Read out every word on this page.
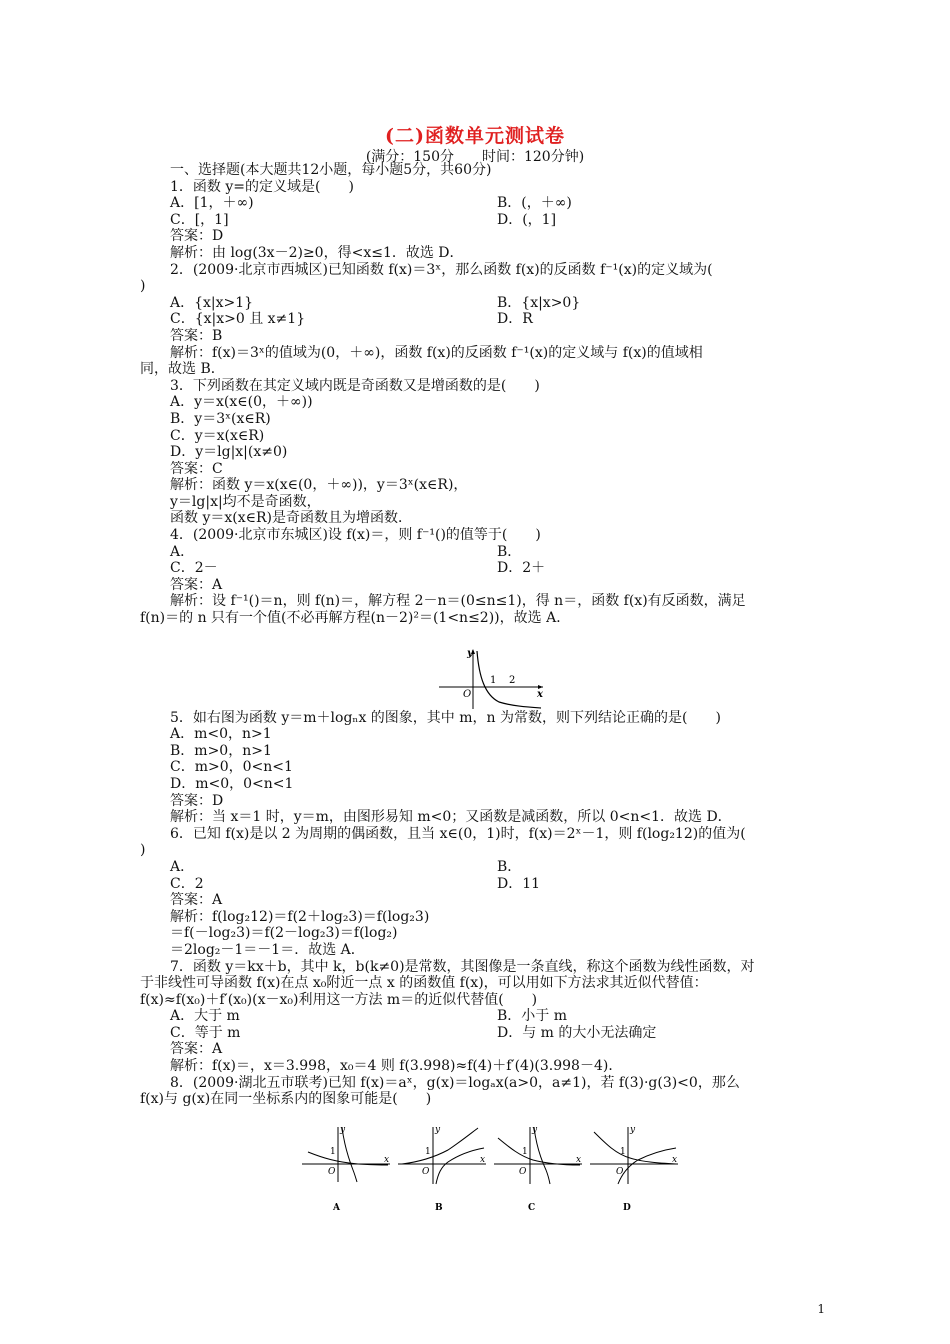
(二)函数单元测试卷
(满分：150分　　时间：120分钟)
一、选择题(本大题共12小题，每小题5分，共60分)
1．函数 y=的定义域是(　　)
A．[1，＋∞)	B．(，＋∞)
C．[，1]	D．(，1]
答案：D
解析：由 log(3x－2)≥0，得<x≤1．故选 D．
2．(2009·北京市西城区)已知函数 f(x)＝3ˣ，那么函数 f(x)的反函数 f⁻¹(x)的定义域为(
)
A．{x|x>1}	B．{x|x>0}
C．{x|x>0 且 x≠1}	D．R
答案：B
解析：f(x)＝3ˣ的值域为(0，＋∞)，函数 f(x)的反函数 f⁻¹(x)的定义域与 f(x)的值域相
同，故选 B．
3．下列函数在其定义域内既是奇函数又是增函数的是(　　)
A．y＝x(x∈(0，＋∞))
B．y＝3ˣ(x∈R)
C．y＝x(x∈R)
D．y＝lg|x|(x≠0)
答案：C
解析：函数 y＝x(x∈(0，＋∞))，y＝3ˣ(x∈R)，
y＝lg|x|均不是奇函数，
函数 y＝x(x∈R)是奇函数且为增函数．
4．(2009·北京市东城区)设 f(x)＝，则 f⁻¹()的值等于(　　)
A．	B．
C．2－	D．2＋
答案：A
解析：设 f⁻¹()＝n，则 f(n)＝，解方程 2－n＝(0≤n≤1)，得 n＝，函数 f(x)有反函数，满足
f(n)＝的 n 只有一个值(不必再解方程(n－2)²＝(1<n≤2))，故选 A．
5．如右图为函数 y＝m＋logₙx 的图象，其中 m，n 为常数，则下列结论正确的是(　　)
A．m<0，n>1
B．m>0，n>1
C．m>0，0<n<1
D．m<0，0<n<1
答案：D
解析：当 x＝1 时，y＝m，由图形易知 m<0；又函数是减函数，所以 0<n<1．故选 D．
6．已知 f(x)是以 2 为周期的偶函数，且当 x∈(0，1)时，f(x)＝2ˣ－1，则 f(log₂12)的值为(
)
A．	B．
C．2	D．11
答案：A
解析：f(log₂12)＝f(2＋log₂3)＝f(log₂3)
＝f(－log₂3)＝f(2－log₂3)＝f(log₂)
＝2log₂－1＝－1＝．故选 A．
7．函数 y＝kx＋b，其中 k，b(k≠0)是常数，其图像是一条直线，称这个函数为线性函数，对
于非线性可导函数 f(x)在点 x₀附近一点 x 的函数值 f(x)，可以用如下方法求其近似代替值：
f(x)≈f(x₀)＋f′(x₀)(x－x₀)利用这一方法 m＝的近似代替值(　　)
A．大于 m	B．小于 m
C．等于 m	D．与 m 的大小无法确定
答案：A
解析：f(x)＝，x＝3.998，x₀＝4 则 f(3.998)≈f(4)＋f′(4)(3.998－4)．
8．(2009·湖北五市联考)已知 f(x)＝aˣ，g(x)＝logₐx(a>0，a≠1)，若 f(3)·g(3)<0，那么
f(x)与 g(x)在同一坐标系内的图象可能是(　　)
y
x
O
1 2
y
x
O
1
A
y
x
O
1
B
y
x
O
1
C
y
x
O
1
D
1
